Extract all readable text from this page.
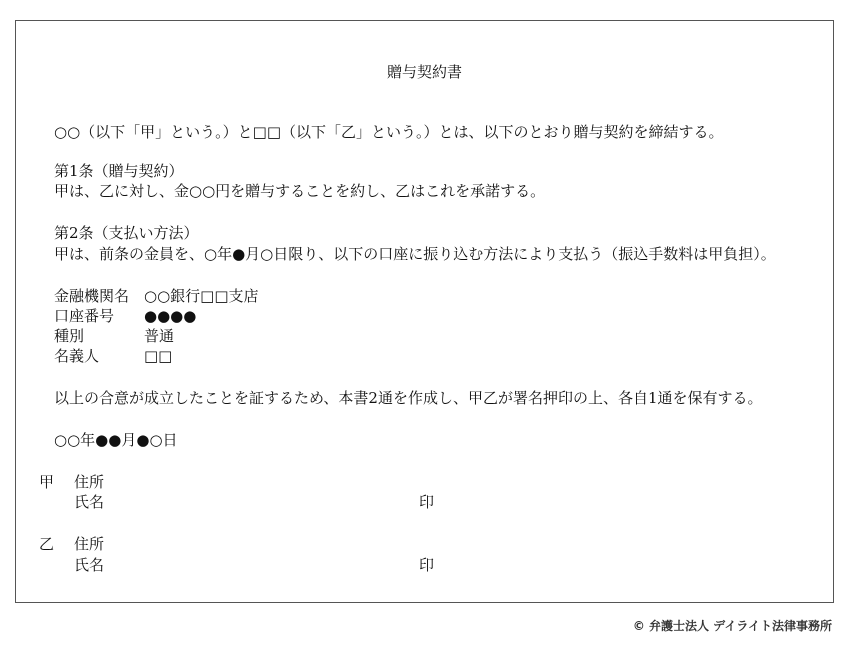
贈与契約書
○○（以下「甲」という。）と□□（以下「乙」という。）とは、以下のとおり贈与契約を締結する。
第1条（贈与契約）
甲は、乙に対し、金○○円を贈与することを約し、乙はこれを承諾する。
第2条（支払い方法）
甲は、前条の金員を、○年●月○日限り、以下の口座に振り込む方法により支払う（振込手数料は甲負担）。
金融機関名 ○○銀行□□支店
口座番号 ●●●●
種別	普通
名義人	□□
以上の合意が成立したことを証するため、本書2通を作成し、甲乙が署名押印の上、各自1通を保有する。
○○年●●月●○日
甲 住所
氏名	印
乙 住所
氏名	印
© 弁護士法人 デイライト法律事務所
